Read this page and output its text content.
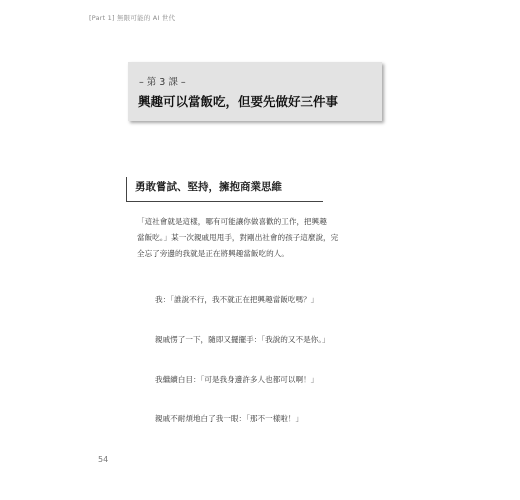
[Part 1] 無限可能的 AI 世代
– 第 3 課 –
興趣可以當飯吃，但要先做好三件事
勇敢嘗試、堅持，擁抱商業思維

「這社會就是這樣，哪有可能讓你做喜歡的工作，把興趣
當飯吃。」某一次親戚甩甩手，對剛出社會的孩子這麼說，完
全忘了旁邊的我就是正在將興趣當飯吃的人。

我：「誰說不行，我不就正在把興趣當飯吃嗎？」
親戚愣了一下，隨即又擺擺手：「我說的又不是你。」
我繼續白目：「可是我身邊許多人也都可以啊！」
親戚不耐煩地白了我一眼：「那不一樣啦！」
54
